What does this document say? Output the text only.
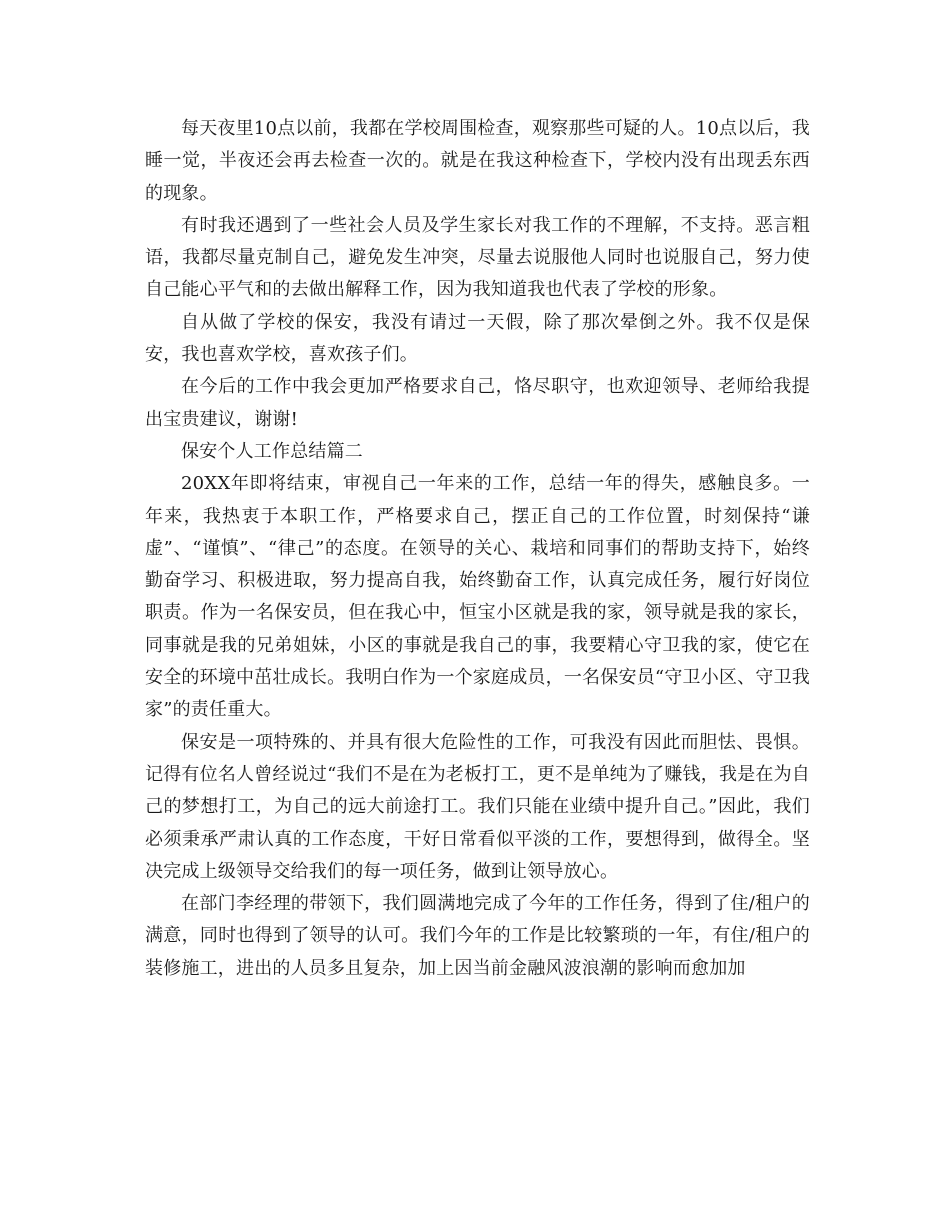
每天夜里10点以前，我都在学校周围检查，观察那些可疑的人。10点以后，我睡一觉，半夜还会再去检查一次的。就是在我这种检查下，学校内没有出现丢东西的现象。

有时我还遇到了一些社会人员及学生家长对我工作的不理解，不支持。恶言粗语，我都尽量克制自己，避免发生冲突，尽量去说服他人同时也说服自己，努力使自己能心平气和的去做出解释工作，因为我知道我也代表了学校的形象。

自从做了学校的保安，我没有请过一天假，除了那次晕倒之外。我不仅是保安，我也喜欢学校，喜欢孩子们。

在今后的工作中我会更加严格要求自己，恪尽职守，也欢迎领导、老师给我提出宝贵建议，谢谢!

保安个人工作总结篇二

20XX年即将结束，审视自己一年来的工作，总结一年的得失，感触良多。一年来，我热衷于本职工作，严格要求自己，摆正自己的工作位置，时刻保持“谦虚”、“谨慎”、“律己”的态度。在领导的关心、栽培和同事们的帮助支持下，始终勤奋学习、积极进取，努力提高自我，始终勤奋工作，认真完成任务，履行好岗位职责。作为一名保安员，但在我心中，恒宝小区就是我的家，领导就是我的家长，同事就是我的兄弟姐妹，小区的事就是我自己的事，我要精心守卫我的家，使它在安全的环境中茁壮成长。我明白作为一个家庭成员，一名保安员“守卫小区、守卫我家”的责任重大。

保安是一项特殊的、并具有很大危险性的工作，可我没有因此而胆怯、畏惧。记得有位名人曾经说过“我们不是在为老板打工，更不是单纯为了赚钱，我是在为自己的梦想打工，为自己的远大前途打工。我们只能在业绩中提升自己。”因此，我们必须秉承严肃认真的工作态度，干好日常看似平淡的工作，要想得到，做得全。坚决完成上级领导交给我们的每一项任务，做到让领导放心。

在部门李经理的带领下，我们圆满地完成了今年的工作任务，得到了住/租户的满意，同时也得到了领导的认可。我们今年的工作是比较繁琐的一年，有住/租户的装修施工，进出的人员多且复杂，加上因当前金融风波浪潮的影响而愈加加
